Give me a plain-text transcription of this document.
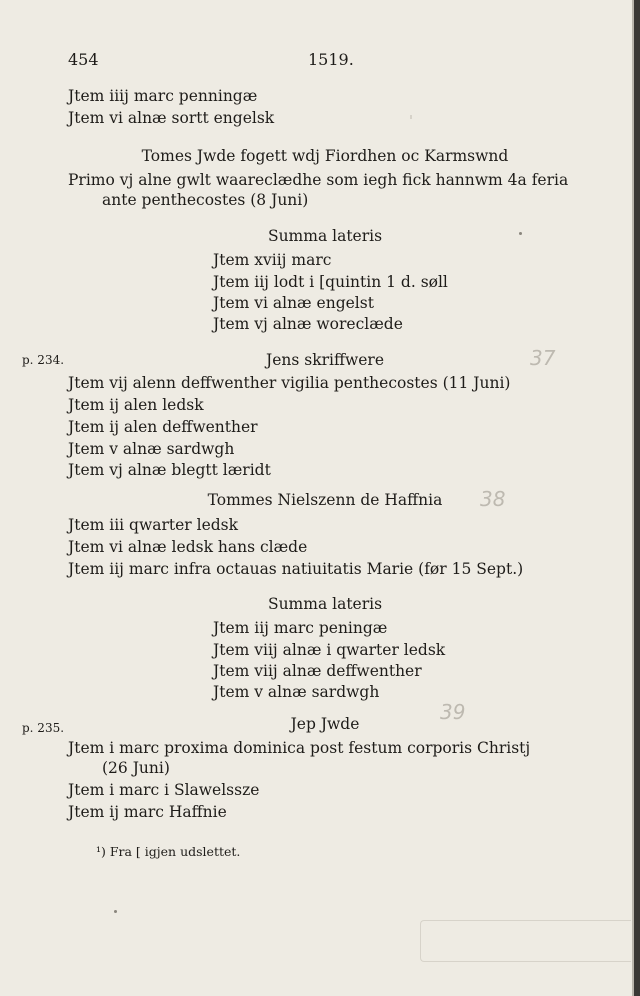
454	1519.
Jtem iiij marc penningæ
Jtem vi alnæ sortt engelsk
Tomes Jwde fogett wdj Fiordhen oc Karmswnd
Primo vj alne gwlt waareclædhe som iegh fick hannwm 4a feria
ante penthecostes (8 Juni)
Summa lateris
Jtem xviij marc
Jtem iij lodt i [quintin 1 d. søll
Jtem vi alnæ engelst
Jtem vj alnæ woreclæde
p. 234.	Jens skriffwere
Jtem vij alenn deffwenther vigilia penthecostes (11 Juni)
Jtem ij alen ledsk
Jtem ij alen deffwenther
Jtem v alnæ sardwgh
Jtem vj alnæ blegtt læridt
Tommes Nielszenn de Haffnia
Jtem iii qwarter ledsk
Jtem vi alnæ ledsk hans clæde
Jtem iij marc infra octauas natiuitatis Marie (før 15 Sept.)
Summa lateris
Jtem iij marc peningæ
Jtem viij alnæ i qwarter ledsk
Jtem viij alnæ deffwenther
Jtem v alnæ sardwgh
p. 235.	Jep Jwde
Jtem i marc proxima dominica post festum corporis Christj
(26 Juni)
Jtem i marc i Slawelssze
Jtem ij marc Haffnie
¹) Fra [ igjen udslettet.
37
38
39
